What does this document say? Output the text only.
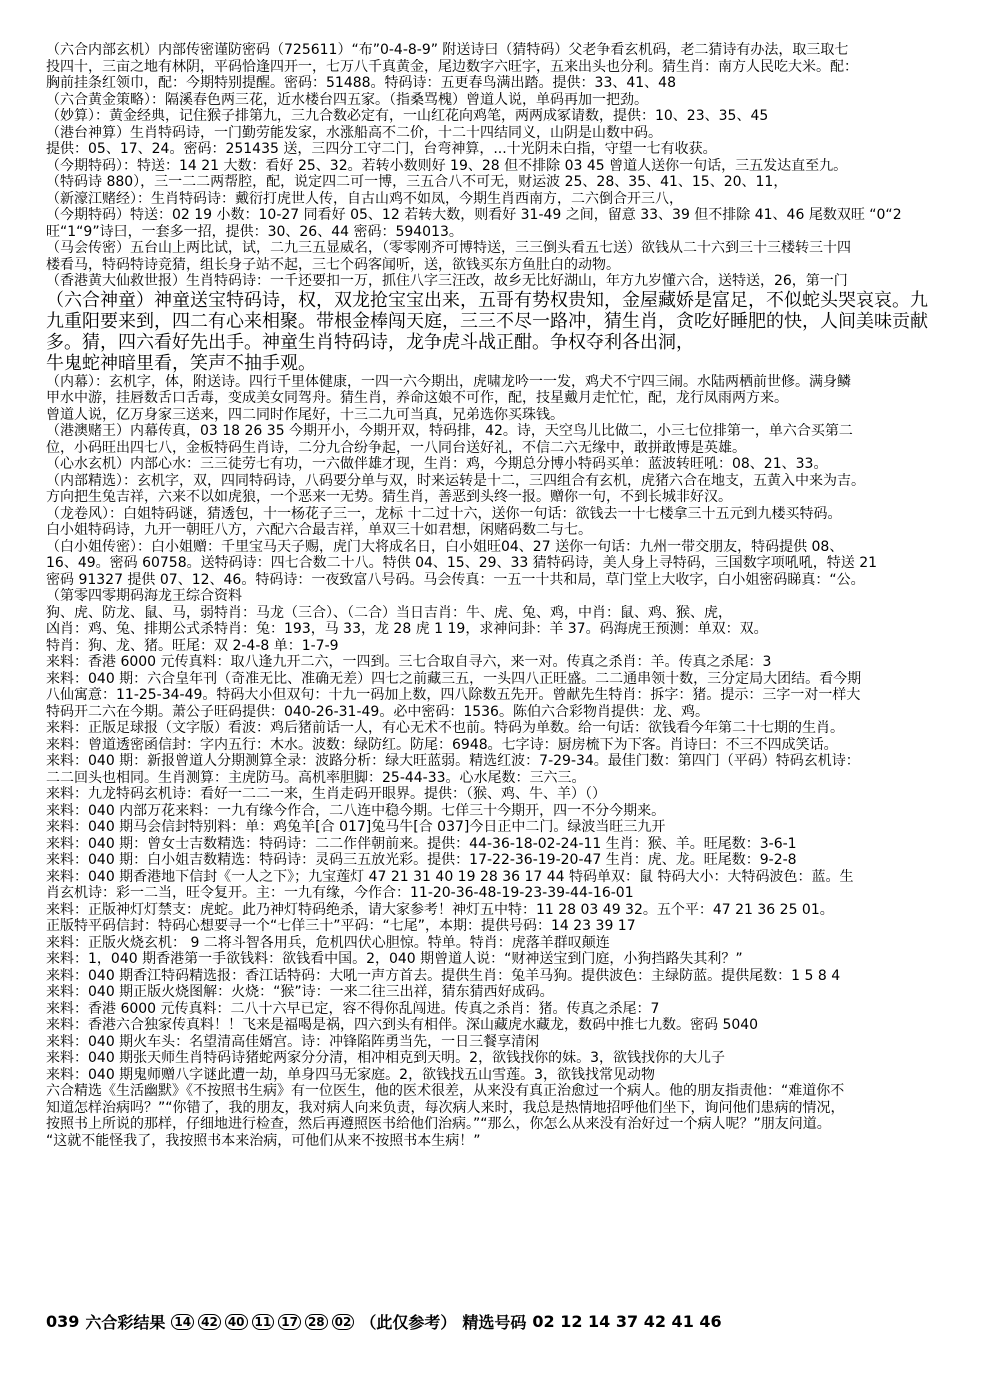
（六合内部玄机）内部传密谨防密码（725611）“布”0-4-8-9” 附送诗曰（猜特码）父老争看玄机码，老二猜诗有办法，取三取七
投四十，三亩之地有林阴，平码恰逢四开一，七万八千真黄金，尾边数字六旺字，五来出头也分利。猜生肖：南方人民吃大米。配：
胸前挂条红领巾，配：今期特别提醒。密码：51488。特码诗：五更春鸟满出踏。提供：33、41、48
（六合黄金策略）：隔溪春色两三花，近水楼台四五家。（指桑骂槐）曾道人说，单码再加一把劲。
（妙算）：黄金经典，记住猴子排第九，三九合数必定有，一山红花向鸡笔，两两成冢请数，提供：10、23、35、45
（港台神算）生肖特码诗，一门勤劳能发家，水涨船高不二价，十二十四结同义，山阴是山数中码。
提供：05、17、24。密码：251435 送，三四分工守二门，台弯神算，...十光阴未白指，守望一七有收获。
（今期特码）：特送：14 21 大数：看好 25、32。若转小数则好 19、28 但不排除 03 45 曾道人送你一句话，三五发达直至九。
（特码诗 880），三一二二两帮腔，配，说定四二可一博，三五合八不可无，财运波 25、28、35、41、15、20、11，
（新濠江赌经）：生肖特码诗：戴衍打虎世人传，自古山鸡不如凤，今期生肖西南方，二六倒合开三八，
（今期特码）特送：02 19 小数：10-27 同看好 05、12 若转大数，则看好 31-49 之间，留意 33、39 但不排除 41、46 尾数双旺 “0“2
旺“1“9”诗曰，一套多一招，提供：30、26、44 密码：594013。
（马会传密）五台山上两比试，试，二九三五显威名，（零零刚齐可博特送，三三倒头看五七送）欲钱从二十六到三十三楼转三十四
楼看马，特码特诗竞猜，组长身子站不起，三七个码客闻听，送，欲钱买东方鱼肚白的动物。
（香港黄大仙救世报）生肖特码诗：一千还要扣一万，抓住八字三汪改，故乡无比好湖山，年方九岁懂六合，送特送，26，第一门
（六合神童）神童送宝特码诗，权，双龙抢宝宝出来，五哥有势权贵知，金屋藏娇是富足，不似蛇头哭哀哀。九
九重阳要来到，四二有心来相聚。带根金棒闯天庭，三三不尽一路冲，猜生肖，贪吃好睡肥的快，人间美味贡献
多。猜，四六看好先出手。神童生肖特码诗，龙争虎斗战正酣。争权夺利各出洞，
牛鬼蛇神暗里看，笑声不抽手观。
（内幕）：玄机字，体，附送诗。四行千里体健康，一四一六今期出，虎啸龙吟一一发，鸡犬不宁四三闹。水陆两栖前世修。满身鳞
甲水中游，挂唇数舌口舌毒，变成美女同驾舟。猜生肖，养命这娘不可作，配，技星戴月走忙忙，配，龙行凤雨两方来。
曾道人说，亿万身家三送来，四二同时作尾好，十三二九可当真，兄弟选你买珠钱。
（港澳赌王）内幕传真，03 18 26 35 今期开小，今期开双，特码排，42。诗，天空鸟儿比做二，小三七位排第一，单六合买第二
位，小码旺出四七八，金板特码生肖诗，二分九合纷争起，一八同台送好礼，不信二六无缘中，敢拼敢博是英雄。
（心水玄机）内部心水：三三徒劳七有功，一六做伴雄才现，生肖：鸡，今期总分博小特码买单：蓝波转旺吼：08、21、33。
（内部精选）：玄机字，双，四同特码诗，八码要分单与双，时来运转是十二，三四组合有玄机，虎猪六合在地支，五黄入中来为吉。
方向把生兔吉祥，六来不以如虎狼，一个恶来一无势。猜生肖，善恶到头终一报。赠你一句，不到长城非好汉。
（龙卷风）：白姐特码谜，猜透包，十一杨花子三一，龙标 十二过十六，送你一句话：欲钱去一十七楼拿三十五元到九楼买特码。
白小姐特码诗，九开一朝旺八方，六配六合最吉祥，单双三十如君想，闲赌码数二与七。
（白小姐传密）：白小姐赠：千里宝马天子赐，虎门大将成名日，白小姐旺04、27 送你一句话：九州一带交朋友，特码提供 08、
16、49。密码 60758。送特码诗：四七合数二十八。特供 04、15、29、33 猜特码诗，美人身上寻特码，三国数字项吼吼，特送 21
密码 91327 提供 07、12、46。特码诗：一夜致富八号码。马会传真：一五一十共和局，草门堂上大收字，白小姐密码睇真：“公。
（第零四零期码海龙王综合资料
狗、虎、防龙、鼠、马，弱特肖：马龙（三合）、（二合）当日吉肖：牛、虎、兔、鸡，中肖：鼠、鸡、猴、虎，
凶肖：鸡、兔、排期公式杀特肖：兔：193，马 33，龙 28 虎 1 19，求神问卦：羊 37。码海虎王预测：单双：双。
特肖：狗、龙、猪。旺尾：双 2-4-8 单：1-7-9
来料：香港 6000 元传真料：取八逢九开二六，一四到。三七合取自寻六，来一对。传真之杀肖：羊。传真之杀尾：3
来料：040 期：六合皇年刊（奇准无比、准确无差）四七之前藏三五，一头四八正旺盛。二二通串领十数，三分定局大团结。看今期
八仙寓意：11-25-34-49。特码大小但双句：十九一码加上数，四八除数五先开。曾献先生特肖：拆字：猪。提示：三字一对一样大
特码开二六在今期。萧公子旺码提供：040-26-31-49。必中密码：1536。陈伯六合彩物肖提供：龙、鸡。
来料：正版足球报（文字版）看波：鸡后猪前话一人，有心无术不也前。特码为单数。给一句话：欲钱看今年第二十七期的生肖。
来料：曾道透密函信封：字内五行：木水。波数：绿防红。防尾：6948。七字诗：厨房梳下为下客。肖诗曰：不三不四成笑话。
来料：040 期：新报曾道人分期测算全录：波路分析：绿大旺蓝弱。精选红波：7-29-34。最佳门数：第四门（平码）特码玄机诗：
二二回头也相同。生肖测算：主虎防马。高机率胆脚：25-44-33。心水尾数：三六三。
来料：九龙特码玄机诗：看好一二二一来，生肖走码开眼界。提供：（猴、鸡、牛、羊）（）
来料：040 内部万花来料：一九有缘今作合，二八连中稳今期。七佯三十今期开，四一不分今期来。
来料：040 期马会信封特别料：单：鸡兔羊[合 017]兔马牛[合 037]今日正中二门。绿波当旺三九开
来料：040 期：曾女士吉数精选：特码诗：二二作伴朝前来。提供：44-36-18-02-24-11 生肖：猴、羊。旺尾数：3-6-1
来料：040 期：白小姐吉数精选：特码诗：灵码三五放光彩。提供：17-22-36-19-20-47 生肖：虎、龙。旺尾数：9-2-8
来料：040 期香港地下信封《一人之下》；九宝莲灯 47 21 31 40 19 28 36 17 44 特码单双：鼠 特码大小：大特码波色：蓝。生
肖玄机诗：彩一二当，旺令复开。主：一九有缘，今作合：11-20-36-48-19-23-39-44-16-01
来料：正版神灯灯禁支：虎蛇。此乃神灯特码绝杀，请大家参考！神灯五中特：11 28 03 49 32。五个平：47 21 36 25 01。
正版特平码信封：特码心想要寻一个“七佯三十”平码：“七尾”，本期：提供号码：14 23 39 17
来料：正版火烧玄机： 9 二将斗智各用兵，危机四伏心胆惊。特单。特肖：虎落羊群叹颠连
来料：1，040 期香港第一手欲钱料：欲钱看中国。2，040 期曾道人说：“财神送宝到门庭，小狗挡路失其利？”
来料：040 期香江特码精选报：香江话特码：大吼一声方首去。提供生肖：兔羊马狗。提供波色：主绿防蓝。提供尾数：1 5 8 4
来料：040 期正版火烧图解：火烧：“猴”诗：一来二往三出祥，猜东猜西好成码。
来料：香港 6000 元传真料：二八十六早已定，容不得你乱闯进。传真之杀肖：猪。传真之杀尾：7
来料：香港六合独家传真料！！飞来是福喝是祸，四六到头有相伴。深山藏虎水藏龙，数码中推七九数。密码 5040
来料：040 期火车头：名望清高佳婿宫。诗：冲锋陷阵勇当先，一日三餐享清闲
来料：040 期张天师生肖特码诗猪蛇两家分分清，相冲相克到天明。2，欲钱找你的妹。3，欲钱找你的大儿子
来料：040 期鬼师赠八字谜此遭一劫，单身四马无家庭。2，欲钱找五山雪莲。3，欲钱找常见动物
六合精选《生活幽默》《不按照书生病》有一位医生，他的医术很差，从来没有真正治愈过一个病人。他的朋友指责他：“难道你不
知道怎样治病吗？”“你错了，我的朋友，我对病人向来负责，每次病人来时，我总是热情地招呼他们坐下，询问他们患病的情况，
按照书上所说的那样，仔细地进行检查，然后再遵照医书给他们治病。”“那么，你怎么从来没有治好过一个病人呢？”朋友问道。
“这就不能怪我了，我按照书本来治病，可他们从来不按照书本生病！”
039 六合彩结果 14 42 40 11 17 28 02 （此仅参考） 精选号码 02 12 14 37 42 41 46
